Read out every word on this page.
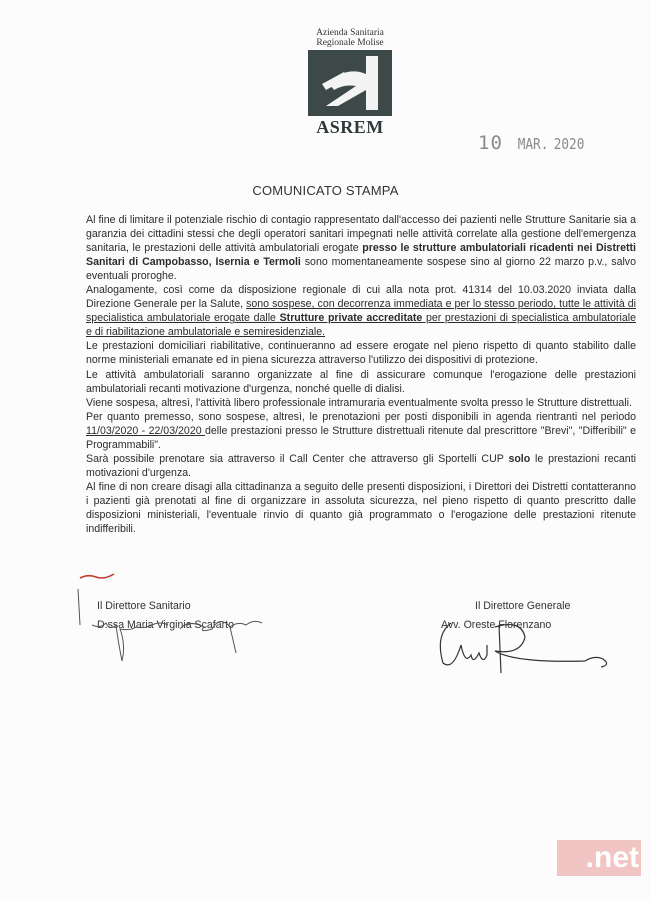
Azienda Sanitaria
Regionale Molise
ASREM
10 MAR. 2020
COMUNICATO STAMPA

Al fine di limitare il potenziale rischio di contagio rappresentato dall'accesso dei pazienti nelle Strutture Sanitarie sia a garanzia dei cittadini stessi che degli operatori sanitari impegnati nelle attività correlate alla gestione dell'emergenza sanitaria, le prestazioni delle attività ambulatoriali erogate presso le strutture ambulatoriali ricadenti nei Distretti Sanitari di Campobasso, Isernia e Termoli sono momentaneamente sospese sino al giorno 22 marzo p.v., salvo eventuali proroghe.

Analogamente, così come da disposizione regionale di cui alla nota prot. 41314 del 10.03.2020 inviata dalla Direzione Generale per la Salute, sono sospese, con decorrenza immediata e per lo stesso periodo, tutte le attività di specialistica ambulatoriale erogate dalle Strutture private accreditate per prestazioni di specialistica ambulatoriale e di riabilitazione ambulatoriale e semiresidenziale.

Le prestazioni domiciliari riabilitative, continueranno ad essere erogate nel pieno rispetto di quanto stabilito dalle norme ministeriali emanate ed in piena sicurezza attraverso l'utilizzo dei dispositivi di protezione.

Le attività ambulatoriali saranno organizzate al fine di assicurare comunque l'erogazione delle prestazioni ambulatoriali recanti motivazione d'urgenza, nonché quelle di dialisi.

Viene sospesa, altresì, l'attività libero professionale intramuraria eventualmente svolta presso le Strutture distrettuali.

Per quanto premesso, sono sospese, altresì, le prenotazioni per posti disponibili in agenda rientranti nel periodo 11/03/2020 - 22/03/2020 delle prestazioni presso le Strutture distrettuali ritenute dal prescrittore "Brevi", "Differibili" e Programmabili".

Sarà possibile prenotare sia attraverso il Call Center che attraverso gli Sportelli CUP solo le prestazioni recanti motivazioni d'urgenza.

Al fine di non creare disagi alla cittadinanza a seguito delle presenti disposizioni, i Direttori dei Distretti contatteranno i pazienti già prenotati al fine di organizzare in assoluta sicurezza, nel pieno rispetto di quanto prescritto dalle disposizioni ministeriali, l'eventuale rinvio di quanto già programmato o l'erogazione delle prestazioni ritenute indifferibili.

Il Direttore Sanitario
D.ssa Maria Virginia Scafarto
Il Direttore Generale
Avv. Oreste Florenzano
.net
